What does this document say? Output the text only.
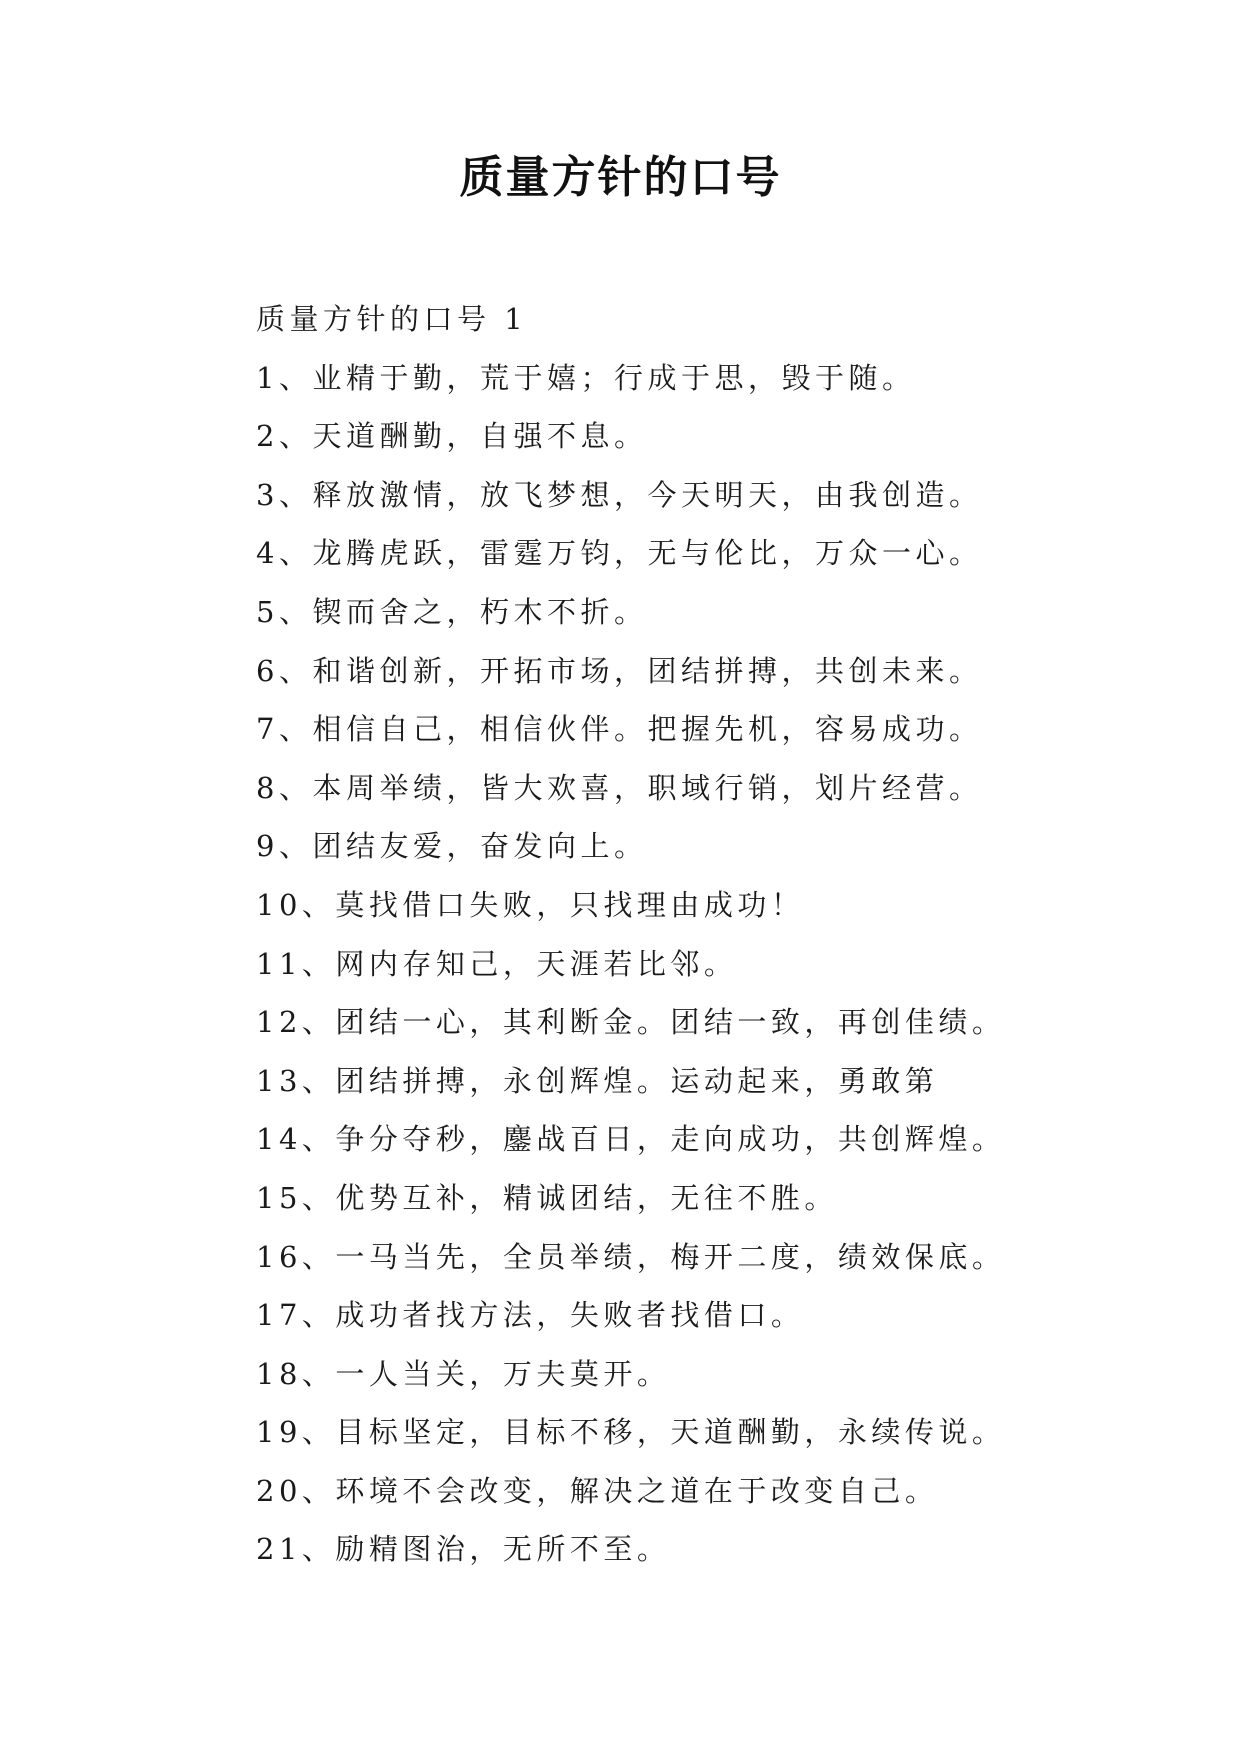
质量方针的口号
质量方针的口号 1
1、业精于勤，荒于嬉；行成于思，毁于随。
2、天道酬勤，自强不息。
3、释放激情，放飞梦想，今天明天，由我创造。
4、龙腾虎跃，雷霆万钧，无与伦比，万众一心。
5、锲而舍之，朽木不折。
6、和谐创新，开拓市场，团结拼搏，共创未来。
7、相信自己，相信伙伴。把握先机，容易成功。
8、本周举绩，皆大欢喜，职域行销，划片经营。
9、团结友爱，奋发向上。
10、莫找借口失败，只找理由成功！
11、网内存知己，天涯若比邻。
12、团结一心，其利断金。团结一致，再创佳绩。
13、团结拼搏，永创辉煌。运动起来，勇敢第
14、争分夺秒，鏖战百日，走向成功，共创辉煌。
15、优势互补，精诚团结，无往不胜。
16、一马当先，全员举绩，梅开二度，绩效保底。
17、成功者找方法，失败者找借口。
18、一人当关，万夫莫开。
19、目标坚定，目标不移，天道酬勤，永续传说。
20、环境不会改变，解决之道在于改变自己。
21、励精图治，无所不至。
